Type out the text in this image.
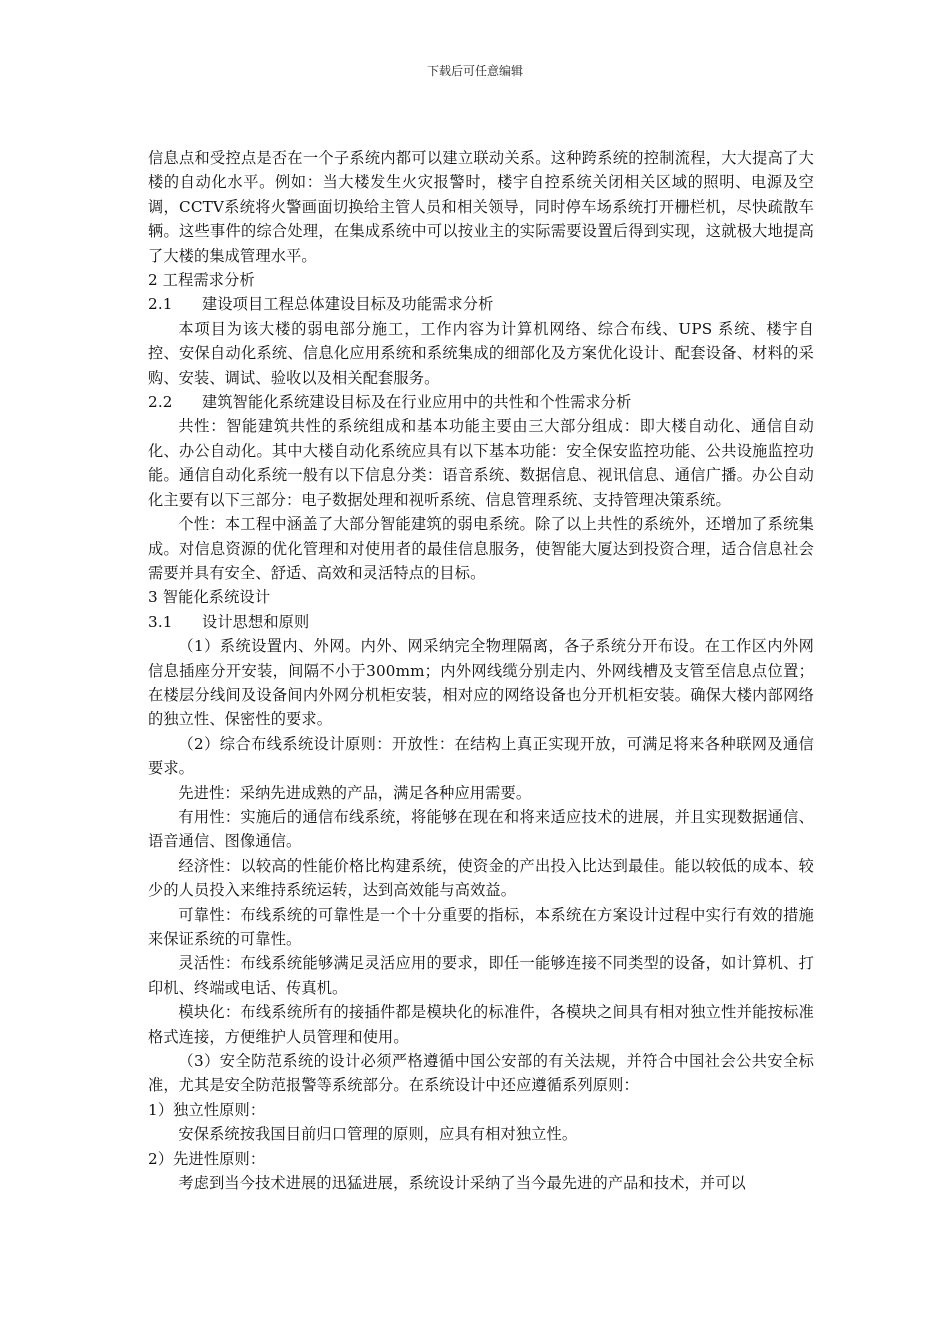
下载后可任意编辑

信息点和受控点是否在一个子系统内都可以建立联动关系。这种跨系统的控制流程，大大提高了大楼的自动化水平。例如：当大楼发生火灾报警时，楼宇自控系统关闭相关区域的照明、电源及空调，CCTV系统将火警画面切换给主管人员和相关领导，同时停车场系统打开栅栏机，尽快疏散车辆。这些事件的综合处理，在集成系统中可以按业主的实际需要设置后得到实现，这就极大地提高了大楼的集成管理水平。

2 工程需求分析

2.1	建设项目工程总体建设目标及功能需求分析

本项目为该大楼的弱电部分施工，工作内容为计算机网络、综合布线、UPS 系统、楼宇自控、安保自动化系统、信息化应用系统和系统集成的细部化及方案优化设计、配套设备、材料的采购、安装、调试、验收以及相关配套服务。

2.2	建筑智能化系统建设目标及在行业应用中的共性和个性需求分析

共性：智能建筑共性的系统组成和基本功能主要由三大部分组成：即大楼自动化、通信自动化、办公自动化。其中大楼自动化系统应具有以下基本功能：安全保安监控功能、公共设施监控功能。通信自动化系统一般有以下信息分类：语音系统、数据信息、视讯信息、通信广播。办公自动化主要有以下三部分：电子数据处理和视听系统、信息管理系统、支持管理决策系统。

个性：本工程中涵盖了大部分智能建筑的弱电系统。除了以上共性的系统外，还增加了系统集成。对信息资源的优化管理和对使用者的最佳信息服务，使智能大厦达到投资合理，适合信息社会需要并具有安全、舒适、高效和灵活特点的目标。

3 智能化系统设计

3.1	设计思想和原则

（1）系统设置内、外网。内外、网采纳完全物理隔离，各子系统分开布设。在工作区内外网信息插座分开安装，间隔不小于300mm；内外网线缆分别走内、外网线槽及支管至信息点位置；在楼层分线间及设备间内外网分机柜安装，相对应的网络设备也分开机柜安装。确保大楼内部网络的独立性、保密性的要求。

（2）综合布线系统设计原则：开放性：在结构上真正实现开放，可满足将来各种联网及通信要求。

先进性：采纳先进成熟的产品，满足各种应用需要。

有用性：实施后的通信布线系统，将能够在现在和将来适应技术的进展，并且实现数据通信、语音通信、图像通信。

经济性：以较高的性能价格比构建系统，使资金的产出投入比达到最佳。能以较低的成本、较少的人员投入来维持系统运转，达到高效能与高效益。

可靠性：布线系统的可靠性是一个十分重要的指标，本系统在方案设计过程中实行有效的措施来保证系统的可靠性。

灵活性：布线系统能够满足灵活应用的要求，即任一能够连接不同类型的设备，如计算机、打印机、终端或电话、传真机。

模块化：布线系统所有的接插件都是模块化的标准件，各模块之间具有相对独立性并能按标准格式连接，方便维护人员管理和使用。

（3）安全防范系统的设计必须严格遵循中国公安部的有关法规，并符合中国社会公共安全标准，尤其是安全防范报警等系统部分。在系统设计中还应遵循系列原则：

1）独立性原则：

安保系统按我国目前归口管理的原则，应具有相对独立性。

2）先进性原则：

考虑到当今技术进展的迅猛进展，系统设计采纳了当今最先进的产品和技术，并可以
